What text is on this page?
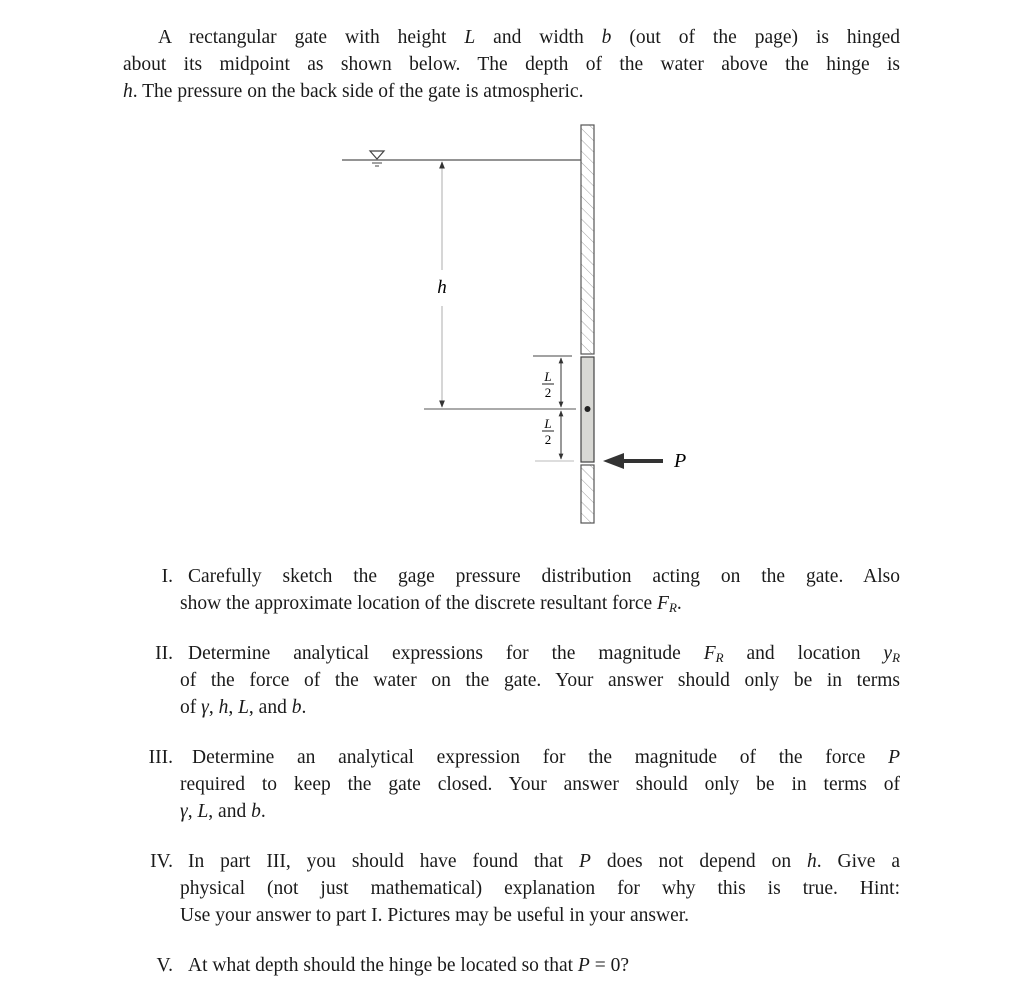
A rectangular gate with height L and width b (out of the page) is hinged
about its midpoint as shown below. The depth of the water above the hinge is
h. The pressure on the back side of the gate is atmospheric.
h
L
2
L
2
P
I. Carefully sketch the gage pressure distribution acting on the gate. Also
show the approximate location of the discrete resultant force $F_R$.
II. Determine analytical expressions for the magnitude $F_R$ and location $y_R$
of the force of the water on the gate. Your answer should only be in terms
of γ, h, L, and b.
III. Determine an analytical expression for the magnitude of the force P
required to keep the gate closed. Your answer should only be in terms of
γ, L, and b.
IV. In part III, you should have found that P does not depend on h. Give a
physical (not just mathematical) explanation for why this is true. Hint:
Use your answer to part I. Pictures may be useful in your answer.
V. At what depth should the hinge be located so that P = 0?
